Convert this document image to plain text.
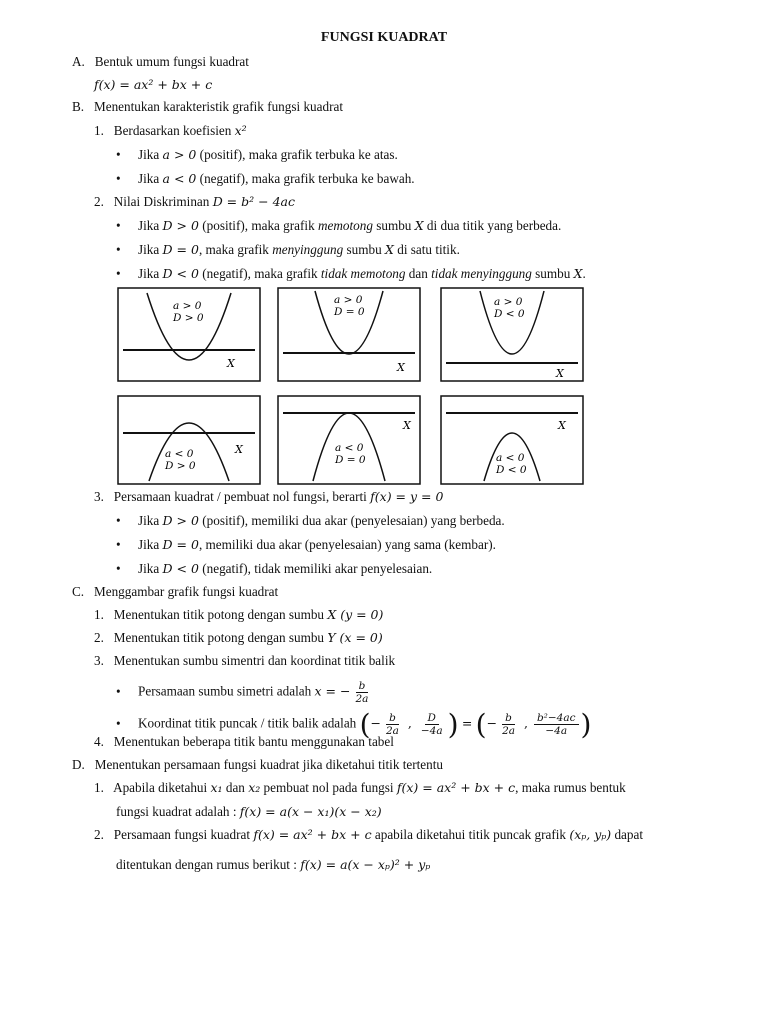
FUNGSI KUADRAT
A. Bentuk umum fungsi kuadrat
f(x) = ax² + bx + c
B. Menentukan karakteristik grafik fungsi kuadrat
1. Berdasarkan koefisien x²
• Jika a > 0 (positif), maka grafik terbuka ke atas.
• Jika a < 0 (negatif), maka grafik terbuka ke bawah.
2. Nilai Diskriminan D = b² − 4ac
• Jika D > 0 (positif), maka grafik memotong sumbu X di dua titik yang berbeda.
• Jika D = 0, maka grafik menyinggung sumbu X di satu titik.
• Jika D < 0 (negatif), maka grafik tidak memotong dan tidak menyinggung sumbu X.
a > 0
D > 0
X
a > 0
D = 0
X
a > 0
D < 0
X
a < 0
D > 0
X	a < 0
D = 0
X
a < 0
D < 0
X
3. Persamaan kuadrat / pembuat nol fungsi, berarti f(x) = y = 0
• Jika D > 0 (positif), memiliki dua akar (penyelesaian) yang berbeda.
• Jika D = 0, memiliki dua akar (penyelesaian) yang sama (kembar).
• Jika D < 0 (negatif), tidak memiliki akar penyelesaian.
C. Menggambar grafik fungsi kuadrat
1. Menentukan titik potong dengan sumbu X (y = 0)
2. Menentukan titik potong dengan sumbu Y (x = 0)
3. Menentukan sumbu simentri dan koordinat titik balik
• Persamaan sumbu simetri adalah x = − $\frac{b}{2a}$
• Koordinat titik puncak / titik balik adalah (− $\frac{b}{2a}$ , $\frac{D}{-4a}$ ) = (− $\frac{b}{2a}$ , $\frac{\text{b²−4ac}}{-4a}$ )
4. Menentukan beberapa titik bantu menggunakan tabel
D. Menentukan persamaan fungsi kuadrat jika diketahui titik tertentu
1. Apabila diketahui x₁ dan x₂ pembuat nol pada fungsi f(x) = ax² + bx + c, maka rumus bentuk
fungsi kuadrat adalah : f(x) = a(x − x₁)(x − x₂)
2. Persamaan fungsi kuadrat f(x) = ax² + bx + c apabila diketahui titik puncak grafik (xₚ, yₚ) dapat
ditentukan dengan rumus berikut : f(x) = a(x − xₚ)² + yₚ
